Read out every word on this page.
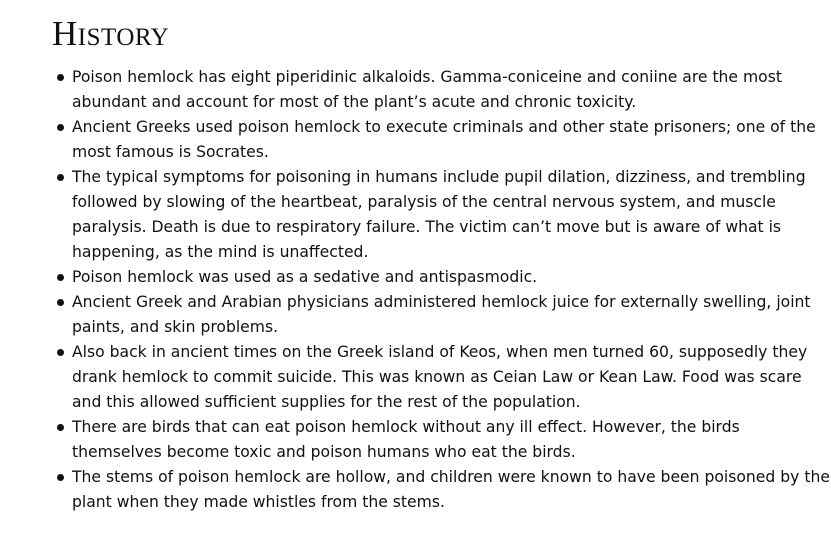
History
Poison hemlock has eight piperidinic alkaloids. Gamma-coniceine and coniine are the most abundant and account for most of the plant’s acute and chronic toxicity.
Ancient Greeks used poison hemlock to execute criminals and other state prisoners; one of the most famous is Socrates.
The typical symptoms for poisoning in humans include pupil dilation, dizziness, and trembling followed by slowing of the heartbeat, paralysis of the central nervous system, and muscle paralysis. Death is due to respiratory failure. The victim can’t move but is aware of what is happening, as the mind is unaffected.
Poison hemlock was used as a sedative and antispasmodic.
Ancient Greek and Arabian physicians administered hemlock juice for externally swelling, joint paints, and skin problems.
Also back in ancient times on the Greek island of Keos, when men turned 60, supposedly they drank hemlock to commit suicide. This was known as Ceian Law or Kean Law. Food was scare and this allowed sufficient supplies for the rest of the population.
There are birds that can eat poison hemlock without any ill effect. However, the birds themselves become toxic and poison humans who eat the birds.
The stems of poison hemlock are hollow, and children were known to have been poisoned by the plant when they made whistles from the stems.
